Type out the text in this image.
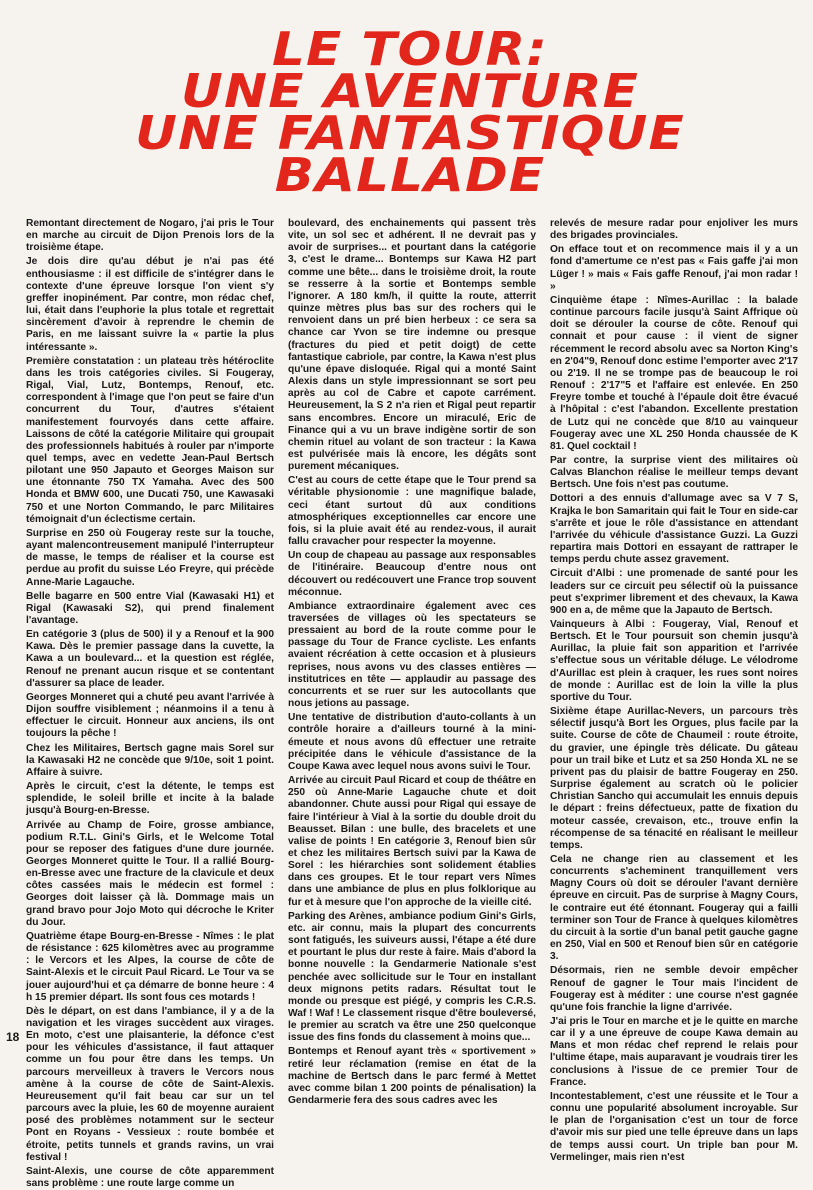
LE TOUR:
UNE AVENTURE
UNE FANTASTIQUE
BALLADE

Remontant directement de Nogaro, j'ai pris le Tour en marche au circuit de Dijon Prenois lors de la troisième étape.

Je dois dire qu'au début je n'ai pas été enthousiasme : il est difficile de s'intégrer dans le contexte d'une épreuve lorsque l'on vient s'y greffer inopinément. Par contre, mon rédac chef, lui, était dans l'euphorie la plus totale et regrettait sincèrement d'avoir à reprendre le chemin de Paris, en me laissant suivre la « partie la plus intéressante ».

Première constatation : un plateau très hétéroclite dans les trois catégories civiles. Si Fougeray, Rigal, Vial, Lutz, Bontemps, Renouf, etc. correspondent à l'image que l'on peut se faire d'un concurrent du Tour, d'autres s'étaient manifestement fourvoyés dans cette affaire. Laissons de côté la catégorie Militaire qui groupait des professionnels habitués à rouler par n'importe quel temps, avec en vedette Jean-Paul Bertsch pilotant une 950 Japauto et Georges Maison sur une étonnante 750 TX Yamaha. Avec des 500 Honda et BMW 600, une Ducati 750, une Kawasaki 750 et une Norton Commando, le parc Militaires témoignait d'un éclectisme certain.

Surprise en 250 où Fougeray reste sur la touche, ayant malencontreusement manipulé l'interrupteur de masse, le temps de réaliser et la course est perdue au profit du suisse Léo Freyre, qui précède Anne-Marie Lagauche.

Belle bagarre en 500 entre Vial (Kawasaki H1) et Rigal (Kawasaki S2), qui prend finalement l'avantage.

En catégorie 3 (plus de 500) il y a Renouf et la 900 Kawa. Dès le premier passage dans la cuvette, la Kawa a un boulevard... et la question est réglée, Renouf ne prenant aucun risque et se contentant d'assurer sa place de leader.

Georges Monneret qui a chuté peu avant l'arrivée à Dijon souffre visiblement ; néanmoins il a tenu à effectuer le circuit. Honneur aux anciens, ils ont toujours la pêche !

Chez les Militaires, Bertsch gagne mais Sorel sur la Kawasaki H2 ne concède que 9/10e, soit 1 point. Affaire à suivre.

Après le circuit, c'est la détente, le temps est splendide, le soleil brille et incite à la balade jusqu'à Bourg-en-Bresse.

Arrivée au Champ de Foire, grosse ambiance, podium R.T.L. Gini's Girls, et le Welcome Total pour se reposer des fatigues d'une dure journée. Georges Monneret quitte le Tour. Il a rallié Bourg-en-Bresse avec une fracture de la clavicule et deux côtes cassées mais le médecin est formel : Georges doit laisser çà là. Dommage mais un grand bravo pour Jojo Moto qui décroche le Kriter du Jour.

Quatrième étape Bourg-en-Bresse - Nîmes : le plat de résistance : 625 kilomètres avec au programme : le Vercors et les Alpes, la course de côte de Saint-Alexis et le circuit Paul Ricard. Le Tour va se jouer aujourd'hui et ça démarre de bonne heure : 4 h 15 premier départ. Ils sont fous ces motards !

Dès le départ, on est dans l'ambiance, il y a de la navigation et les virages succèdent aux virages. En moto, c'est une plaisanterie, la défonce c'est pour les véhicules d'assistance, il faut attaquer comme un fou pour être dans les temps. Un parcours merveilleux à travers le Vercors nous amène à la course de côte de Saint-Alexis. Heureusement qu'il fait beau car sur un tel parcours avec la pluie, les 60 de moyenne auraient posé des problèmes notamment sur le secteur Pont en Royans - Vessieux : route bombée et étroite, petits tunnels et grands ravins, un vrai festival !

Saint-Alexis, une course de côte apparemment sans problème : une route large comme un

boulevard, des enchainements qui passent très vite, un sol sec et adhérent. Il ne devrait pas y avoir de surprises... et pourtant dans la catégorie 3, c'est le drame... Bontemps sur Kawa H2 part comme une bête... dans le troisième droit, la route se resserre à la sortie et Bontemps semble l'ignorer. A 180 km/h, il quitte la route, atterrit quinze mètres plus bas sur des rochers qui le renvoient dans un pré bien herbeux : ce sera sa chance car Yvon se tire indemne ou presque (fractures du pied et petit doigt) de cette fantastique cabriole, par contre, la Kawa n'est plus qu'une épave disloquée. Rigal qui a monté Saint Alexis dans un style impressionnant se sort peu après au col de Cabre et capote carrément. Heureusement, la S 2 n'a rien et Rigal peut repartir sans encombres. Encore un miraculé, Eric de Finance qui a vu un brave indigène sortir de son chemin rituel au volant de son tracteur : la Kawa est pulvérisée mais là encore, les dégâts sont purement mécaniques.

C'est au cours de cette étape que le Tour prend sa véritable physionomie : une magnifique balade, ceci étant surtout dû aux conditions atmosphériques exceptionnelles car encore une fois, si la pluie avait été au rendez-vous, il aurait fallu cravacher pour respecter la moyenne.

Un coup de chapeau au passage aux responsables de l'itinéraire. Beaucoup d'entre nous ont découvert ou redécouvert une France trop souvent méconnue.

Ambiance extraordinaire également avec ces traversées de villages où les spectateurs se pressaient au bord de la route comme pour le passage du Tour de France cycliste. Les enfants avaient récréation à cette occasion et à plusieurs reprises, nous avons vu des classes entières — institutrices en tête — applaudir au passage des concurrents et se ruer sur les autocollants que nous jetions au passage.

Une tentative de distribution d'auto-collants à un contrôle horaire a d'ailleurs tourné à la mini-émeute et nous avons dû effectuer une retraite précipitée dans le véhicule d'assistance de la Coupe Kawa avec lequel nous avons suivi le Tour.

Arrivée au circuit Paul Ricard et coup de théâtre en 250 où Anne-Marie Lagauche chute et doit abandonner. Chute aussi pour Rigal qui essaye de faire l'intérieur à Vial à la sortie du double droit du Beausset. Bilan : une bulle, des bracelets et une valise de points ! En catégorie 3, Renouf bien sûr et chez les militaires Bertsch suivi par la Kawa de Sorel : les hiérarchies sont solidement établies dans ces groupes. Et le tour repart vers Nîmes dans une ambiance de plus en plus folklorique au fur et à mesure que l'on approche de la vieille cité.

Parking des Arènes, ambiance podium Gini's Girls, etc. air connu, mais la plupart des concurrents sont fatigués, les suiveurs aussi, l'étape a été dure et pourtant le plus dur reste à faire. Mais d'abord la bonne nouvelle : la Gendarmerie Nationale s'est penchée avec sollicitude sur le Tour en installant deux mignons petits radars. Résultat tout le monde ou presque est piégé, y compris les C.R.S. Waf ! Waf ! Le classement risque d'être bouleversé, le premier au scratch va être une 250 quelconque issue des fins fonds du classement à moins que...

Bontemps et Renouf ayant très « sportivement » retiré leur réclamation (remise en état de la machine de Bertsch dans le parc fermé à Mettet avec comme bilan 1 200 points de pénalisation) la Gendarmerie fera des sous cadres avec les

relevés de mesure radar pour enjoliver les murs des brigades provinciales.

On efface tout et on recommence mais il y a un fond d'amertume ce n'est pas « Fais gaffe j'ai mon Lüger ! » mais « Fais gaffe Renouf, j'ai mon radar ! »

Cinquième étape : Nîmes-Aurillac : la balade continue parcours facile jusqu'à Saint Affrique où doit se dérouler la course de côte. Renouf qui connait et pour cause : il vient de signer récemment le record absolu avec sa Norton King's en 2'04"9, Renouf donc estime l'emporter avec 2'17 ou 2'19. Il ne se trompe pas de beaucoup le roi Renouf : 2'17"5 et l'affaire est enlevée. En 250 Freyre tombe et touché à l'épaule doit être évacué à l'hôpital : c'est l'abandon. Excellente prestation de Lutz qui ne concède que 8/10 au vainqueur Fougeray avec une XL 250 Honda chaussée de K 81. Quel cocktail !

Par contre, la surprise vient des militaires où Calvas Blanchon réalise le meilleur temps devant Bertsch. Une fois n'est pas coutume.

Dottori a des ennuis d'allumage avec sa V 7 S, Krajka le bon Samaritain qui fait le Tour en side-car s'arrête et joue le rôle d'assistance en attendant l'arrivée du véhicule d'assistance Guzzi. La Guzzi repartira mais Dottori en essayant de rattraper le temps perdu chute assez gravement.

Circuit d'Albi : une promenade de santé pour les leaders sur ce circuit peu sélectif où la puissance peut s'exprimer librement et des chevaux, la Kawa 900 en a, de même que la Japauto de Bertsch.

Vainqueurs à Albi : Fougeray, Vial, Renouf et Bertsch. Et le Tour poursuit son chemin jusqu'à Aurillac, la pluie fait son apparition et l'arrivée s'effectue sous un véritable déluge. Le vélodrome d'Aurillac est plein à craquer, les rues sont noires de monde : Aurillac est de loin la ville la plus sportive du Tour.

Sixième étape Aurillac-Nevers, un parcours très sélectif jusqu'à Bort les Orgues, plus facile par la suite. Course de côte de Chaumeil : route étroite, du gravier, une épingle très délicate. Du gâteau pour un trail bike et Lutz et sa 250 Honda XL ne se privent pas du plaisir de battre Fougeray en 250. Surprise également au scratch où le policier Christian Sancho qui accumulait les ennuis depuis le départ : freins défectueux, patte de fixation du moteur cassée, crevaison, etc., trouve enfin la récompense de sa ténacité en réalisant le meilleur temps.

Cela ne change rien au classement et les concurrents s'acheminent tranquillement vers Magny Cours où doit se dérouler l'avant dernière épreuve en circuit. Pas de surprise à Magny Cours, le contraire eut été étonnant. Fougeray qui a failli terminer son Tour de France à quelques kilomètres du circuit à la sortie d'un banal petit gauche gagne en 250, Vial en 500 et Renouf bien sûr en catégorie 3.

Désormais, rien ne semble devoir empêcher Renouf de gagner le Tour mais l'incident de Fougeray est à méditer : une course n'est gagnée qu'une fois franchie la ligne d'arrivée.

J'ai pris le Tour en marche et je le quitte en marche car il y a une épreuve de coupe Kawa demain au Mans et mon rédac chef reprend le relais pour l'ultime étape, mais auparavant je voudrais tirer les conclusions à l'issue de ce premier Tour de France.

Incontestablement, c'est une réussite et le Tour a connu une popularité absolument incroyable. Sur le plan de l'organisation c'est un tour de force d'avoir mis sur pied une telle épreuve dans un laps de temps aussi court. Un triple ban pour M. Vermelinger, mais rien n'est

18
